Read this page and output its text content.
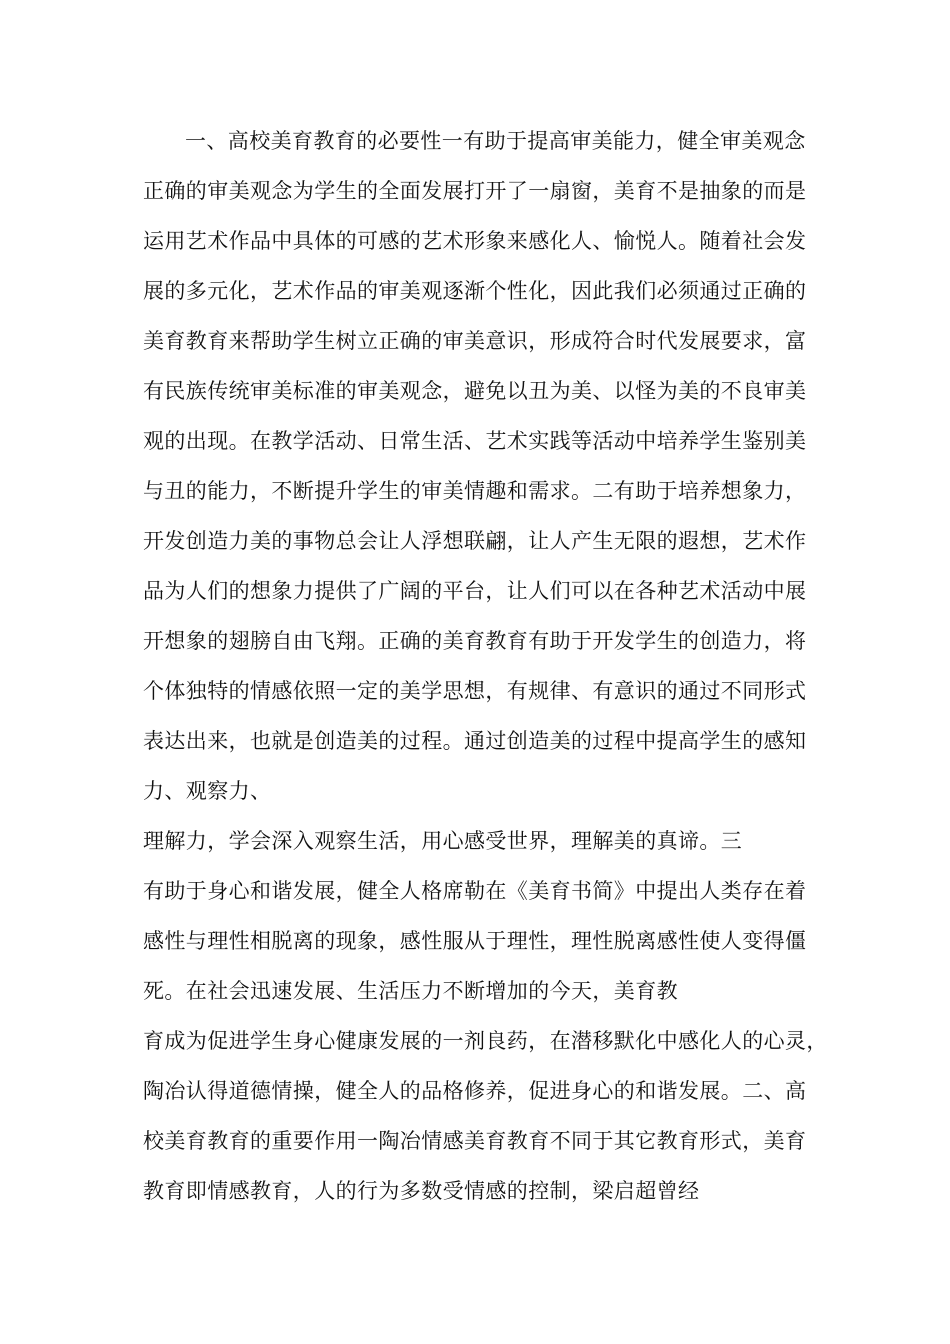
一、高校美育教育的必要性一有助于提高审美能力，健全审美观念
正确的审美观念为学生的全面发展打开了一扇窗，美育不是抽象的而是
运用艺术作品中具体的可感的艺术形象来感化人、愉悦人。随着社会发
展的多元化，艺术作品的审美观逐渐个性化，因此我们必须通过正确的
美育教育来帮助学生树立正确的审美意识，形成符合时代发展要求，富
有民族传统审美标准的审美观念，避免以丑为美、以怪为美的不良审美
观的出现。在教学活动、日常生活、艺术实践等活动中培养学生鉴别美
与丑的能力，不断提升学生的审美情趣和需求。二有助于培养想象力，
开发创造力美的事物总会让人浮想联翩，让人产生无限的遐想，艺术作
品为人们的想象力提供了广阔的平台，让人们可以在各种艺术活动中展
开想象的翅膀自由飞翔。正确的美育教育有助于开发学生的创造力，将
个体独特的情感依照一定的美学思想，有规律、有意识的通过不同形式
表达出来，也就是创造美的过程。通过创造美的过程中提高学生的感知
力、观察力、
理解力，学会深入观察生活，用心感受世界，理解美的真谛。三
有助于身心和谐发展，健全人格席勒在《美育书简》中提出人类存在着
感性与理性相脱离的现象，感性服从于理性，理性脱离感性使人变得僵
死。在社会迅速发展、生活压力不断增加的今天，美育教
育成为促进学生身心健康发展的一剂良药，在潜移默化中感化人的心灵，
陶冶认得道德情操，健全人的品格修养，促进身心的和谐发展。二、高
校美育教育的重要作用一陶冶情感美育教育不同于其它教育形式，美育
教育即情感教育，人的行为多数受情感的控制，梁启超曾经
